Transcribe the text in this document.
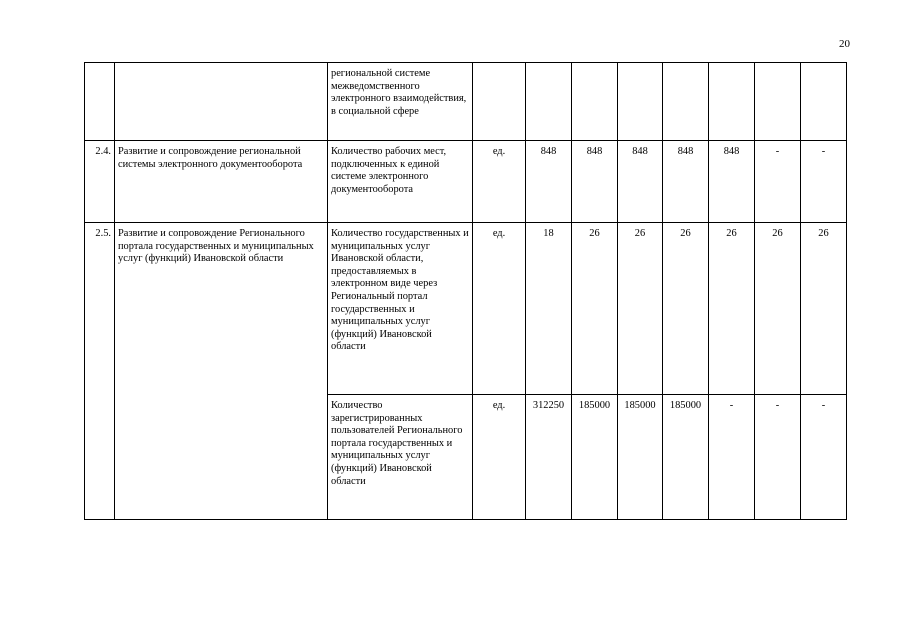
20
		региональной системе межведомственного электронного взаимодействия, в социальной сфере								
2.4.	Развитие и сопровождение региональной системы электронного документооборота	Количество рабочих мест, подключенных к единой системе электронного документооборота	ед.	848	848	848	848	848	-	-
2.5.	Развитие и сопровождение Регионального портала государственных и муниципальных услуг (функций) Ивановской области	Количество государственных и муниципальных услуг Ивановской области, предоставляемых в электронном виде через Региональный портал государственных и муниципальных услуг (функций) Ивановской области	ед.	18	26	26	26	26	26	26
		Количество зарегистрированных пользователей Регионального портала государственных и муниципальных услуг (функций) Ивановской области	ед.	312250	185000	185000	185000	-	-	-
